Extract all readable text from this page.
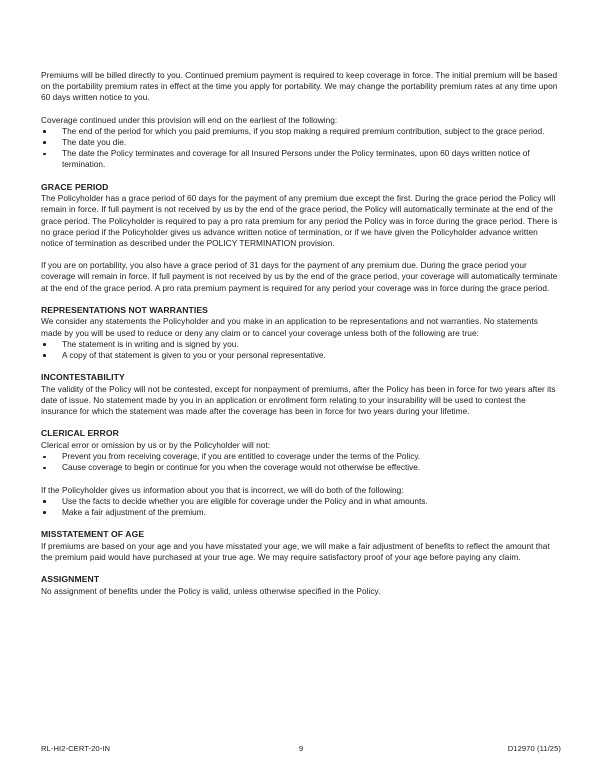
Premiums will be billed directly to you. Continued premium payment is required to keep coverage in force. The initial premium will be based on the portability premium rates in effect at the time you apply for portability. We may change the portability premium rates at any time upon 60 days written notice to you.

Coverage continued under this provision will end on the earliest of the following:

The end of the period for which you paid premiums, if you stop making a required premium contribution, subject to the grace period.
The date you die.
The date the Policy terminates and coverage for all Insured Persons under the Policy terminates, upon 60 days written notice of termination.
GRACE PERIOD

The Policyholder has a grace period of 60 days for the payment of any premium due except the first. During the grace period the Policy will remain in force. If full payment is not received by us by the end of the grace period, the Policy will automatically terminate at the end of the grace period. The Policyholder is required to pay a pro rata premium for any period the Policy was in force during the grace period. There is no grace period if the Policyholder gives us advance written notice of termination, or if we have given the Policyholder advance written notice of termination as described under the POLICY TERMINATION provision.

If you are on portability, you also have a grace period of 31 days for the payment of any premium due. During the grace period your coverage will remain in force. If full payment is not received by us by the end of the grace period, your coverage will automatically terminate at the end of the grace period. A pro rata premium payment is required for any period your coverage was in force during the grace period.

REPRESENTATIONS NOT WARRANTIES

We consider any statements the Policyholder and you make in an application to be representations and not warranties. No statements made by you will be used to reduce or deny any claim or to cancel your coverage unless both of the following are true:

The statement is in writing and is signed by you.
A copy of that statement is given to you or your personal representative.
INCONTESTABILITY

The validity of the Policy will not be contested, except for nonpayment of premiums, after the Policy has been in force for two years after its date of issue. No statement made by you in an application or enrollment form relating to your insurability will be used to contest the insurance for which the statement was made after the coverage has been in force for two years during your lifetime.

CLERICAL ERROR

Clerical error or omission by us or by the Policyholder will not:

Prevent you from receiving coverage, if you are entitled to coverage under the terms of the Policy.
Cause coverage to begin or continue for you when the coverage would not otherwise be effective.

If the Policyholder gives us information about you that is incorrect, we will do both of the following:

Use the facts to decide whether you are eligible for coverage under the Policy and in what amounts.
Make a fair adjustment of the premium.
MISSTATEMENT OF AGE

If premiums are based on your age and you have misstated your age, we will make a fair adjustment of benefits to reflect the amount that the premium paid would have purchased at your true age. We may require satisfactory proof of your age before paying any claim.

ASSIGNMENT

No assignment of benefits under the Policy is valid, unless otherwise specified in the Policy.

RL-HI2-CERT-20-IN	9	D12970 (11/25)
